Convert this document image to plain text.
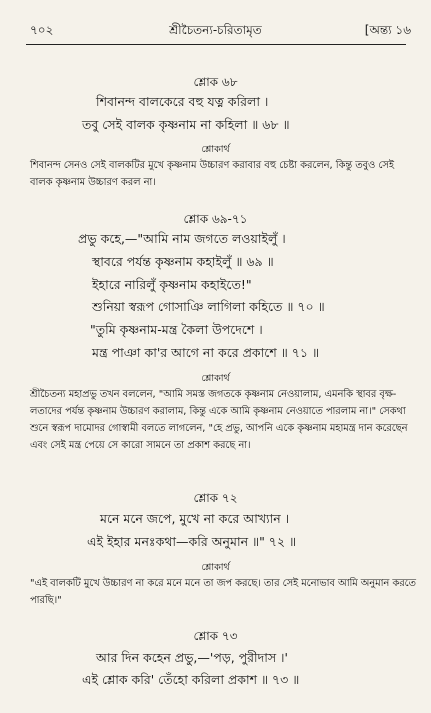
৭০২	শ্রীচৈতন্য-চরিতামৃত	[অন্ত্য ১৬
শ্লোক ৬৮
শিবানন্দ বালকেরে বহু যত্ন করিলা ।
তবু সেই বালক কৃষ্ণনাম না কহিলা ॥ ৬৮ ॥
শ্লোকার্থ
শিবানন্দ সেনও সেই বালকটির মুখে কৃষ্ণনাম উচ্চারণ করাবার বহু চেষ্টা করলেন, কিন্তু তবুও সেই বালক কৃষ্ণনাম উচ্চারণ করল না।
শ্লোক ৬৯-৭১
প্রভু কহে,—"আমি নাম জগতে লওয়াইলুঁ ।
স্থাবরে পর্যন্ত কৃষ্ণনাম কহাইলুঁ ॥ ৬৯ ॥
ইহারে নারিলুঁ কৃষ্ণনাম কহাইতে!"
শুনিয়া স্বরূপ গোসাঞি লাগিলা কহিতে ॥ ৭০ ॥
"তুমি কৃষ্ণনাম-মন্ত্র কৈলা উপদেশে ।
মন্ত্র পাঞা কা'র আগে না করে প্রকাশে ॥ ৭১ ॥
শ্লোকার্থ
শ্রীচৈতন্য মহাপ্রভু তখন বললেন, "আমি সমস্ত জগতকে কৃষ্ণনাম নেওয়ালাম, এমনকি স্থাবর বৃক্ষ-লতাদের পর্যন্ত কৃষ্ণনাম উচ্চারণ করালাম, কিন্তু একে আমি কৃষ্ণনাম নেওয়াতে পারলাম না।" সেকথা শুনে স্বরূপ দামোদর গোস্বামী বলতে লাগলেন, "হে প্রভু, আপনি একে কৃষ্ণনাম মহামন্ত্র দান করেছেন এবং সেই মন্ত্র পেয়ে সে কারো সামনে তা প্রকাশ করছে না।
শ্লোক ৭২
মনে মনে জপে, মুখে না করে আখ্যান ।
এই ইহার মনঃকথা—করি অনুমান ॥" ৭২ ॥
শ্লোকার্থ
"এই বালকটি মুখে উচ্চারণ না করে মনে মনে তা জপ করছে। তার সেই মনোভাব আমি অনুমান করতে পারছি।"
শ্লোক ৭৩
আর দিন কহেন প্রভু,—'পড়, পুরীদাস ।'
এই শ্লোক করি' তেঁহো করিলা প্রকাশ ॥ ৭৩ ॥
